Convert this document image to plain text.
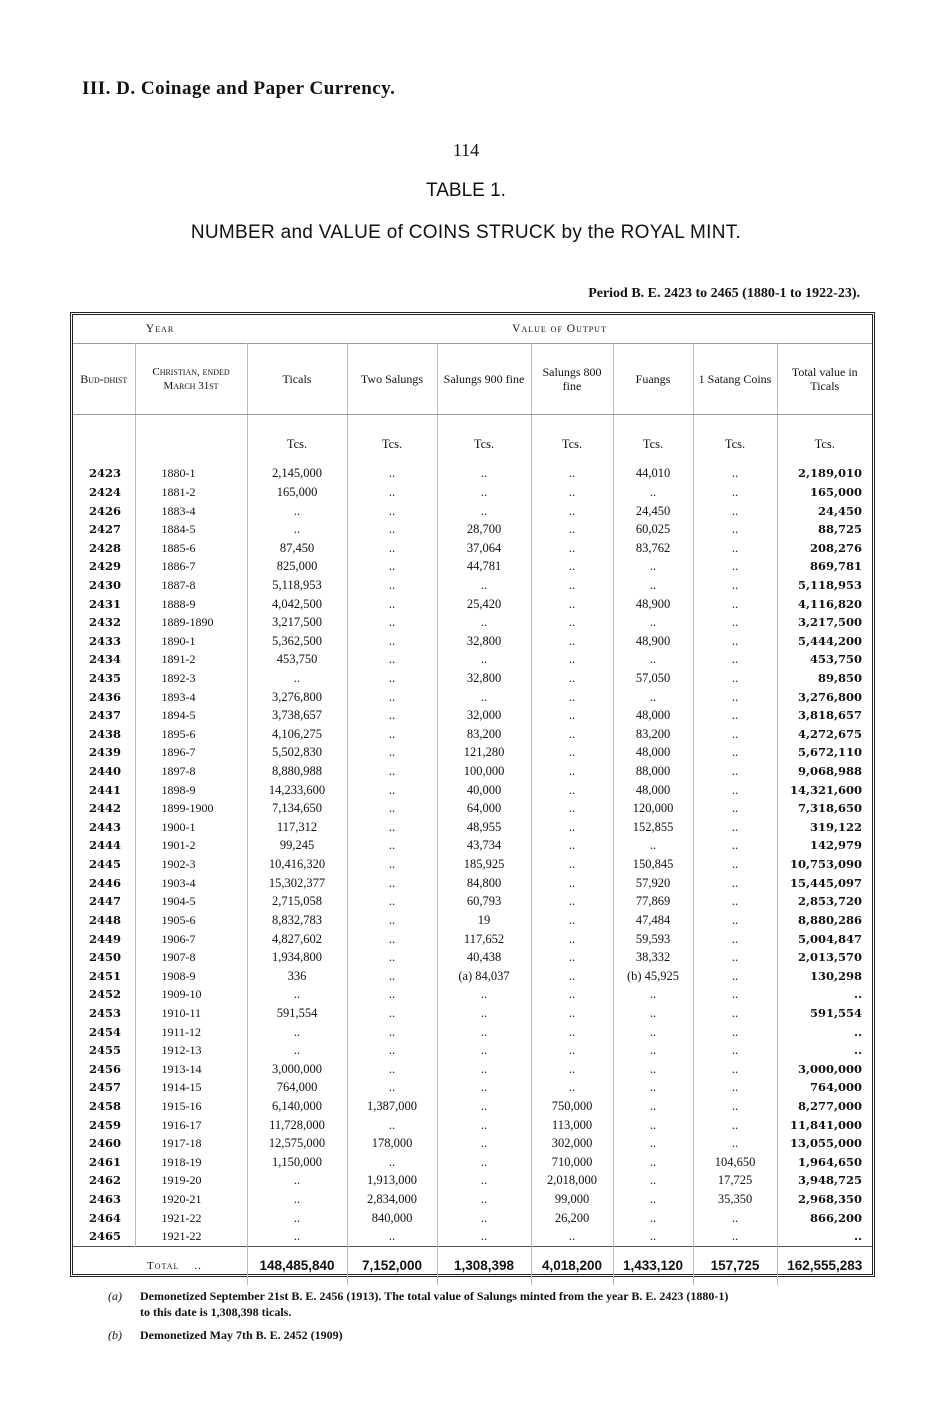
III. D. Coinage and Paper Currency.
114
TABLE 1.
NUMBER and VALUE of COINS STRUCK by the ROYAL MINT.
Period B. E. 2423 to 2465 (1880-1 to 1922-23).
Year		Value of Output						
Bud-dhist	Christian, ended March 31st	Ticals	Two Salungs	Salungs 900 fine	Salungs 800 fine	Fuangs	1 Satang Coins	Total value in Ticals
		Tcs.	Tcs.	Tcs.	Tcs.	Tcs.	Tcs.	Tcs.

2423	1880-1	2,145,000	..	..	..	44,010	..	2,189,010
2424	1881-2	165,000	..	..	..	..	..	165,000
2426	1883-4	..	..	..	..	24,450	..	24,450
2427	1884-5	..	..	28,700	..	60,025	..	88,725
2428	1885-6	87,450	..	37,064	..	83,762	..	208,276
2429	1886-7	825,000	..	44,781	..	..	..	869,781
2430	1887-8	5,118,953	..	..	..	..	..	5,118,953
2431	1888-9	4,042,500	..	25,420	..	48,900	..	4,116,820
2432	1889-1890	3,217,500	..	..	..	..	..	3,217,500
2433	1890-1	5,362,500	..	32,800	..	48,900	..	5,444,200
2434	1891-2	453,750	..	..	..	..	..	453,750
2435	1892-3	..	..	32,800	..	57,050	..	89,850
2436	1893-4	3,276,800	..	..	..	..	..	3,276,800
2437	1894-5	3,738,657	..	32,000	..	48,000	..	3,818,657
2438	1895-6	4,106,275	..	83,200	..	83,200	..	4,272,675
2439	1896-7	5,502,830	..	121,280	..	48,000	..	5,672,110
2440	1897-8	8,880,988	..	100,000	..	88,000	..	9,068,988
2441	1898-9	14,233,600	..	40,000	..	48,000	..	14,321,600
2442	1899-1900	7,134,650	..	64,000	..	120,000	..	7,318,650
2443	1900-1	117,312	..	48,955	..	152,855	..	319,122
2444	1901-2	99,245	..	43,734	..	..	..	142,979
2445	1902-3	10,416,320	..	185,925	..	150,845	..	10,753,090
2446	1903-4	15,302,377	..	84,800	..	57,920	..	15,445,097
2447	1904-5	2,715,058	..	60,793	..	77,869	..	2,853,720
2448	1905-6	8,832,783	..	19	..	47,484	..	8,880,286
2449	1906-7	4,827,602	..	117,652	..	59,593	..	5,004,847
2450	1907-8	1,934,800	..	40,438	..	38,332	..	2,013,570
2451	1908-9	336	..	(a) 84,037	..	(b) 45,925	..	130,298
2452	1909-10	..	..	..	..	..	..	..
2453	1910-11	591,554	..	..	..	..	..	591,554
2454	1911-12	..	..	..	..	..	..	..
2455	1912-13	..	..	..	..	..	..	..
2456	1913-14	3,000,000	..	..	..	..	..	3,000,000
2457	1914-15	764,000	..	..	..	..	..	764,000
2458	1915-16	6,140,000	1,387,000	..	750,000	..	..	8,277,000
2459	1916-17	11,728,000	..	..	113,000	..	..	11,841,000
2460	1917-18	12,575,000	178,000	..	302,000	..	..	13,055,000
2461	1918-19	1,150,000	..	..	710,000	..	104,650	1,964,650
2462	1919-20	..	1,913,000	..	2,018,000	..	17,725	3,948,725
2463	1920-21	..	2,834,000	..	99,000	..	35,350	2,968,350
2464	1921-22	..	840,000	..	26,200	..	..	866,200
2465	1921-22	..	..	..	..	..	..	..
Total ..		148,485,840	7,152,000	1,308,398	4,018,200	1,433,120	157,725	162,555,283
(a) Demonetized September 21st B. E. 2456 (1913). The total value of Salungs minted from the year B. E. 2423 (1880-1)
to this date is 1,308,398 ticals.
(b) Demonetized May 7th B. E. 2452 (1909)
